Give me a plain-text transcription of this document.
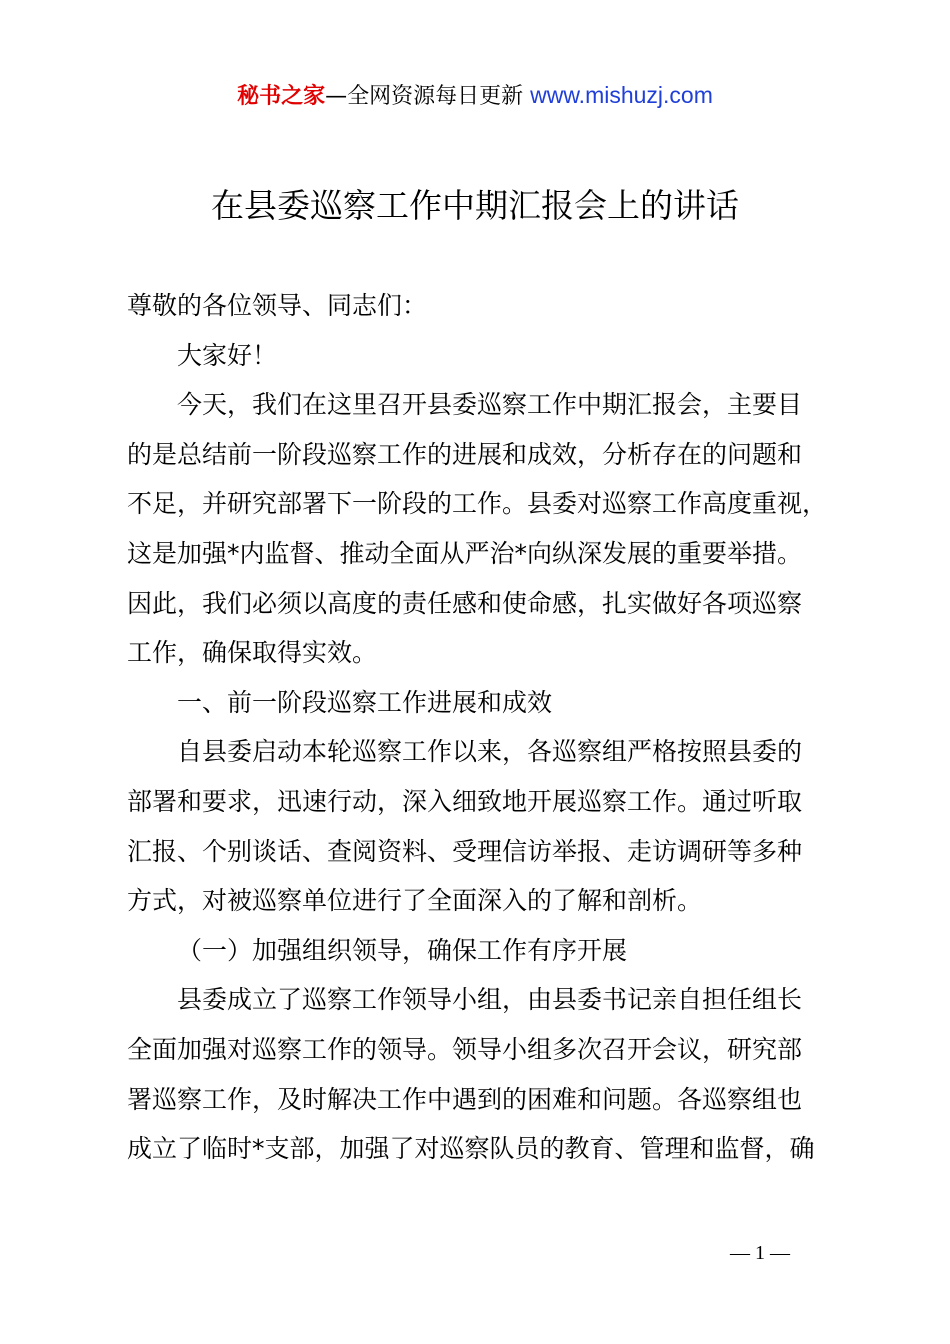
秘书之家—全网资源每日更新 www.mishuzj.com
在县委巡察工作中期汇报会上的讲话
尊敬的各位领导、同志们：
大家好！
今天，我们在这里召开县委巡察工作中期汇报会，主要目
的是总结前一阶段巡察工作的进展和成效，分析存在的问题和
不足，并研究部署下一阶段的工作。县委对巡察工作高度重视，
这是加强*内监督、推动全面从严治*向纵深发展的重要举措。
因此，我们必须以高度的责任感和使命感，扎实做好各项巡察
工作，确保取得实效。
一、前一阶段巡察工作进展和成效
自县委启动本轮巡察工作以来，各巡察组严格按照县委的
部署和要求，迅速行动，深入细致地开展巡察工作。通过听取
汇报、个别谈话、查阅资料、受理信访举报、走访调研等多种
方式，对被巡察单位进行了全面深入的了解和剖析。
（一）加强组织领导，确保工作有序开展
县委成立了巡察工作领导小组，由县委书记亲自担任组长
全面加强对巡察工作的领导。领导小组多次召开会议，研究部
署巡察工作，及时解决工作中遇到的困难和问题。各巡察组也
成立了临时*支部，加强了对巡察队员的教育、管理和监督，确
— 1 —
